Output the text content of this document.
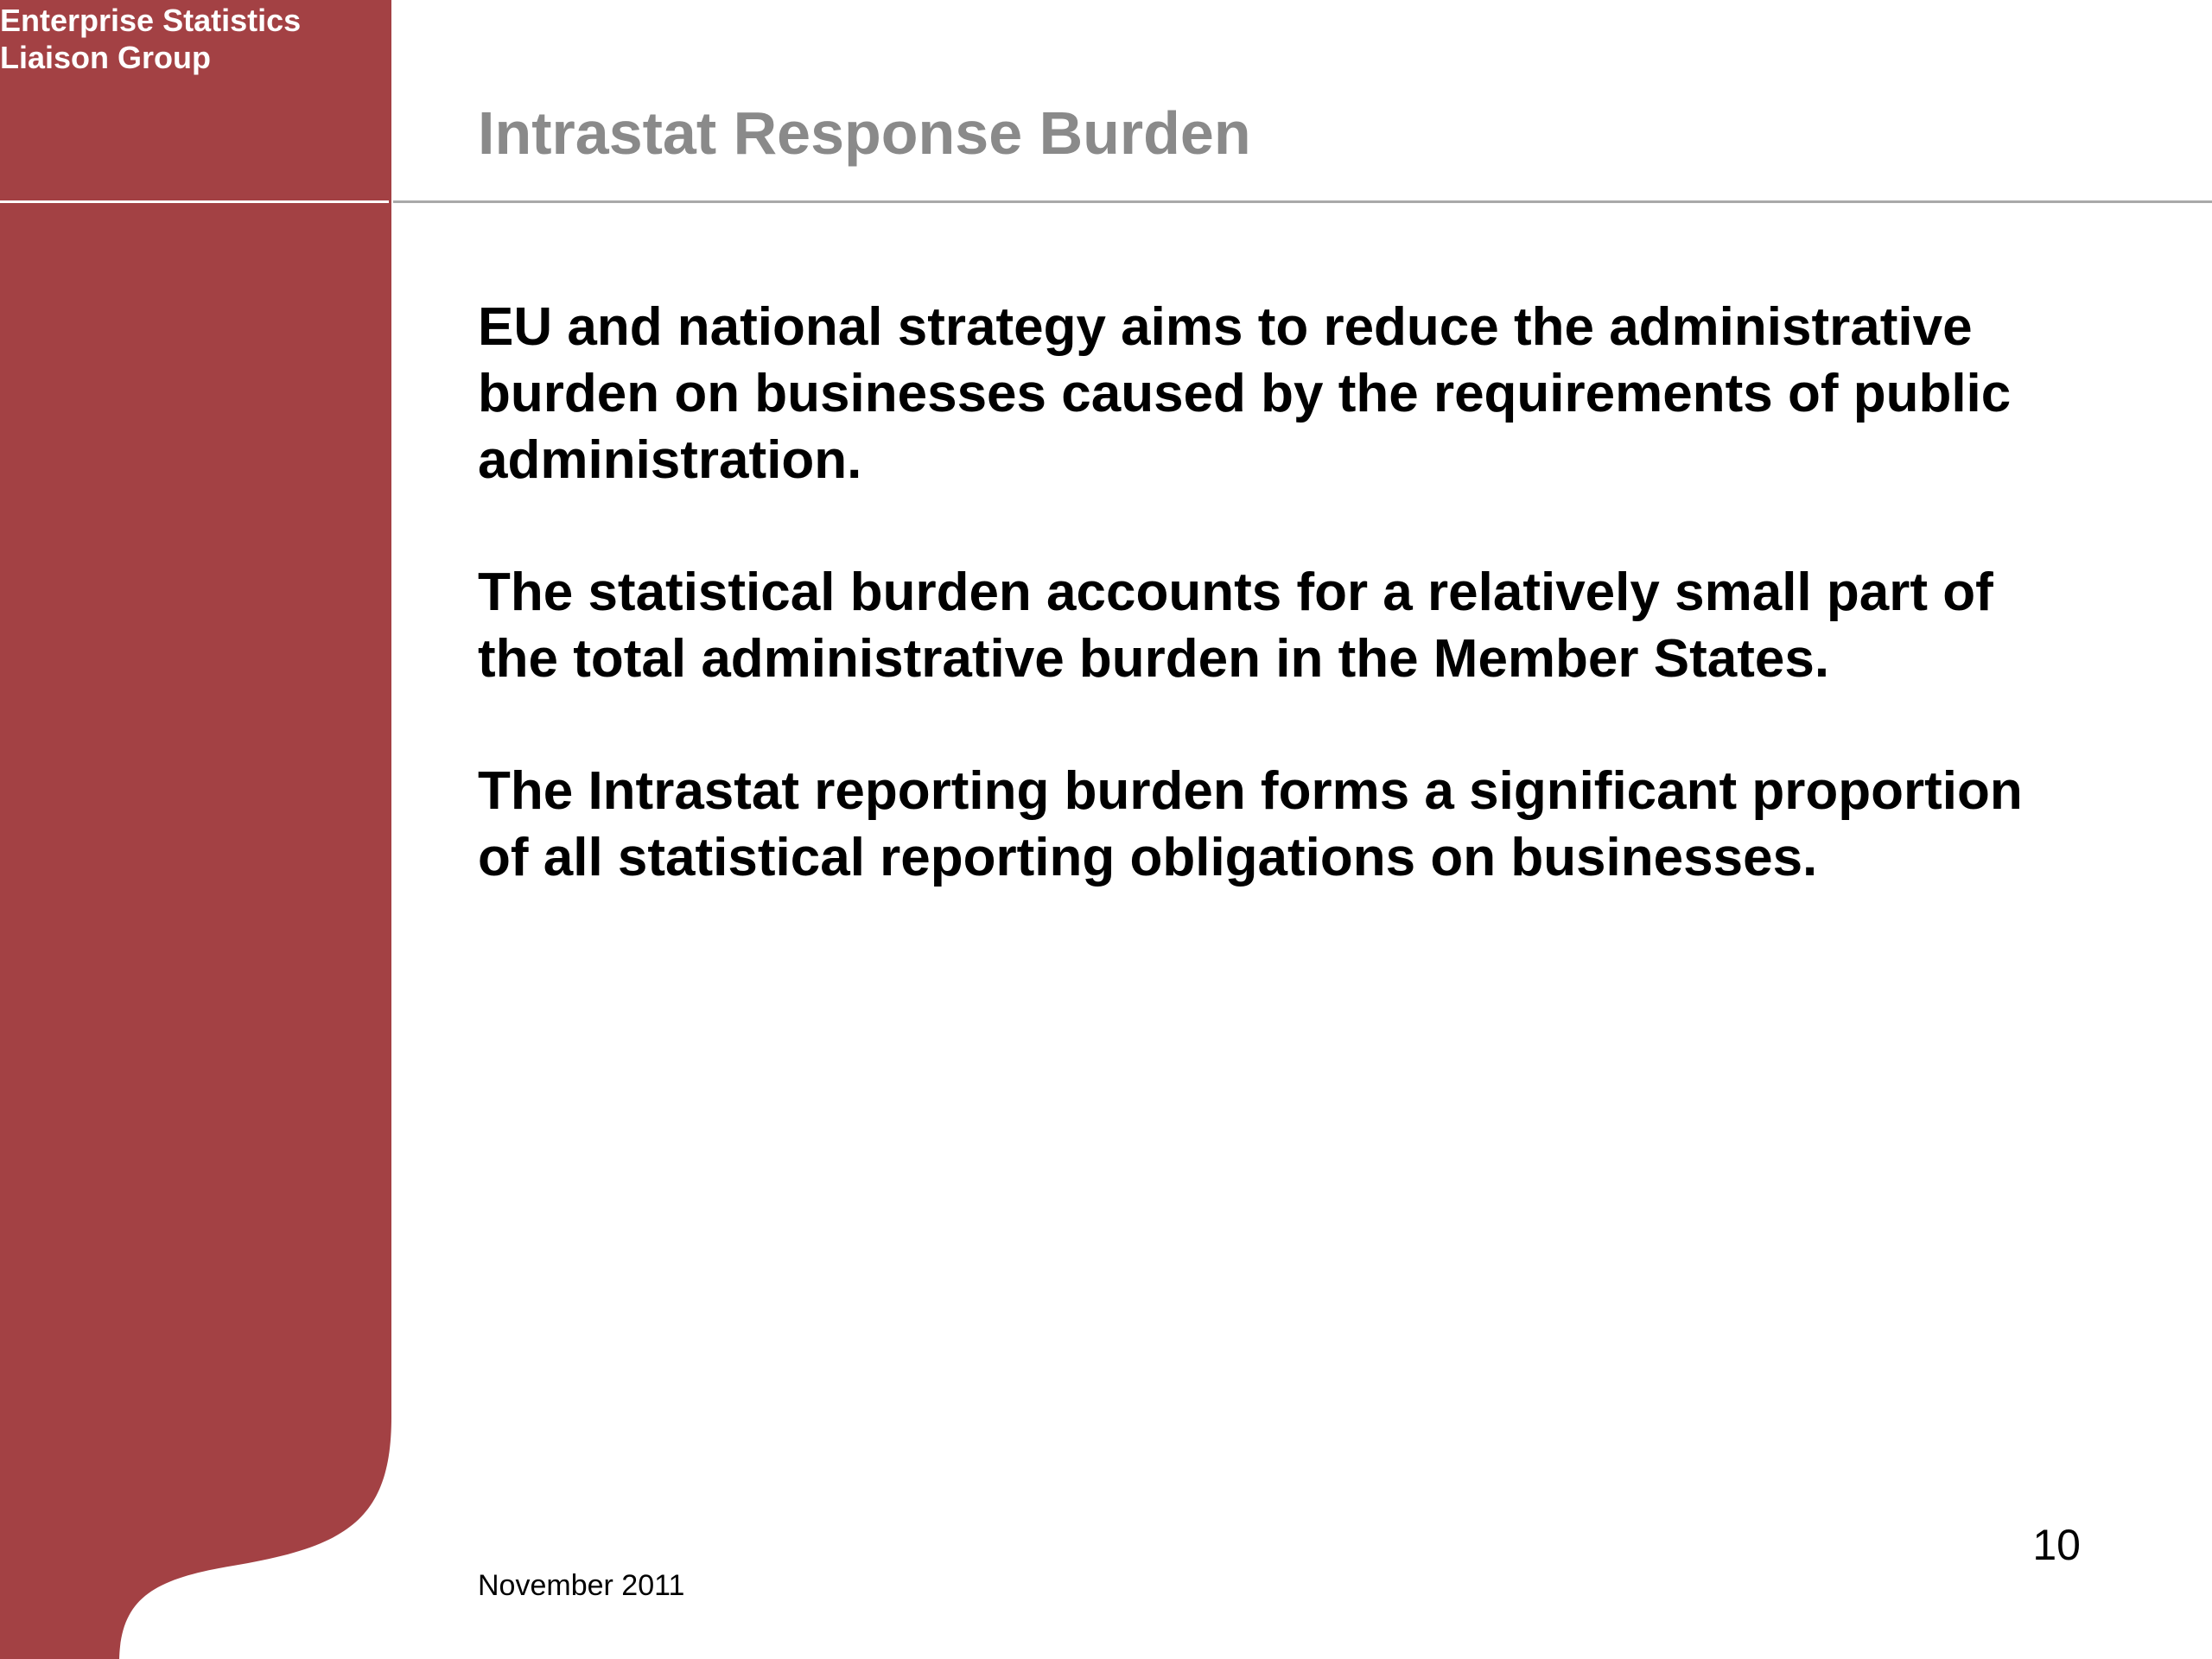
Enterprise Statistics
Liaison Group
Intrastat Response Burden

EU and national strategy aims to reduce the administrative
burden on businesses caused by the requirements of public
administration.

The statistical burden accounts for a relatively small part of
the total administrative burden in the Member States.

The Intrastat reporting burden forms a significant proportion
of all statistical reporting obligations on businesses.

10
November 2011
